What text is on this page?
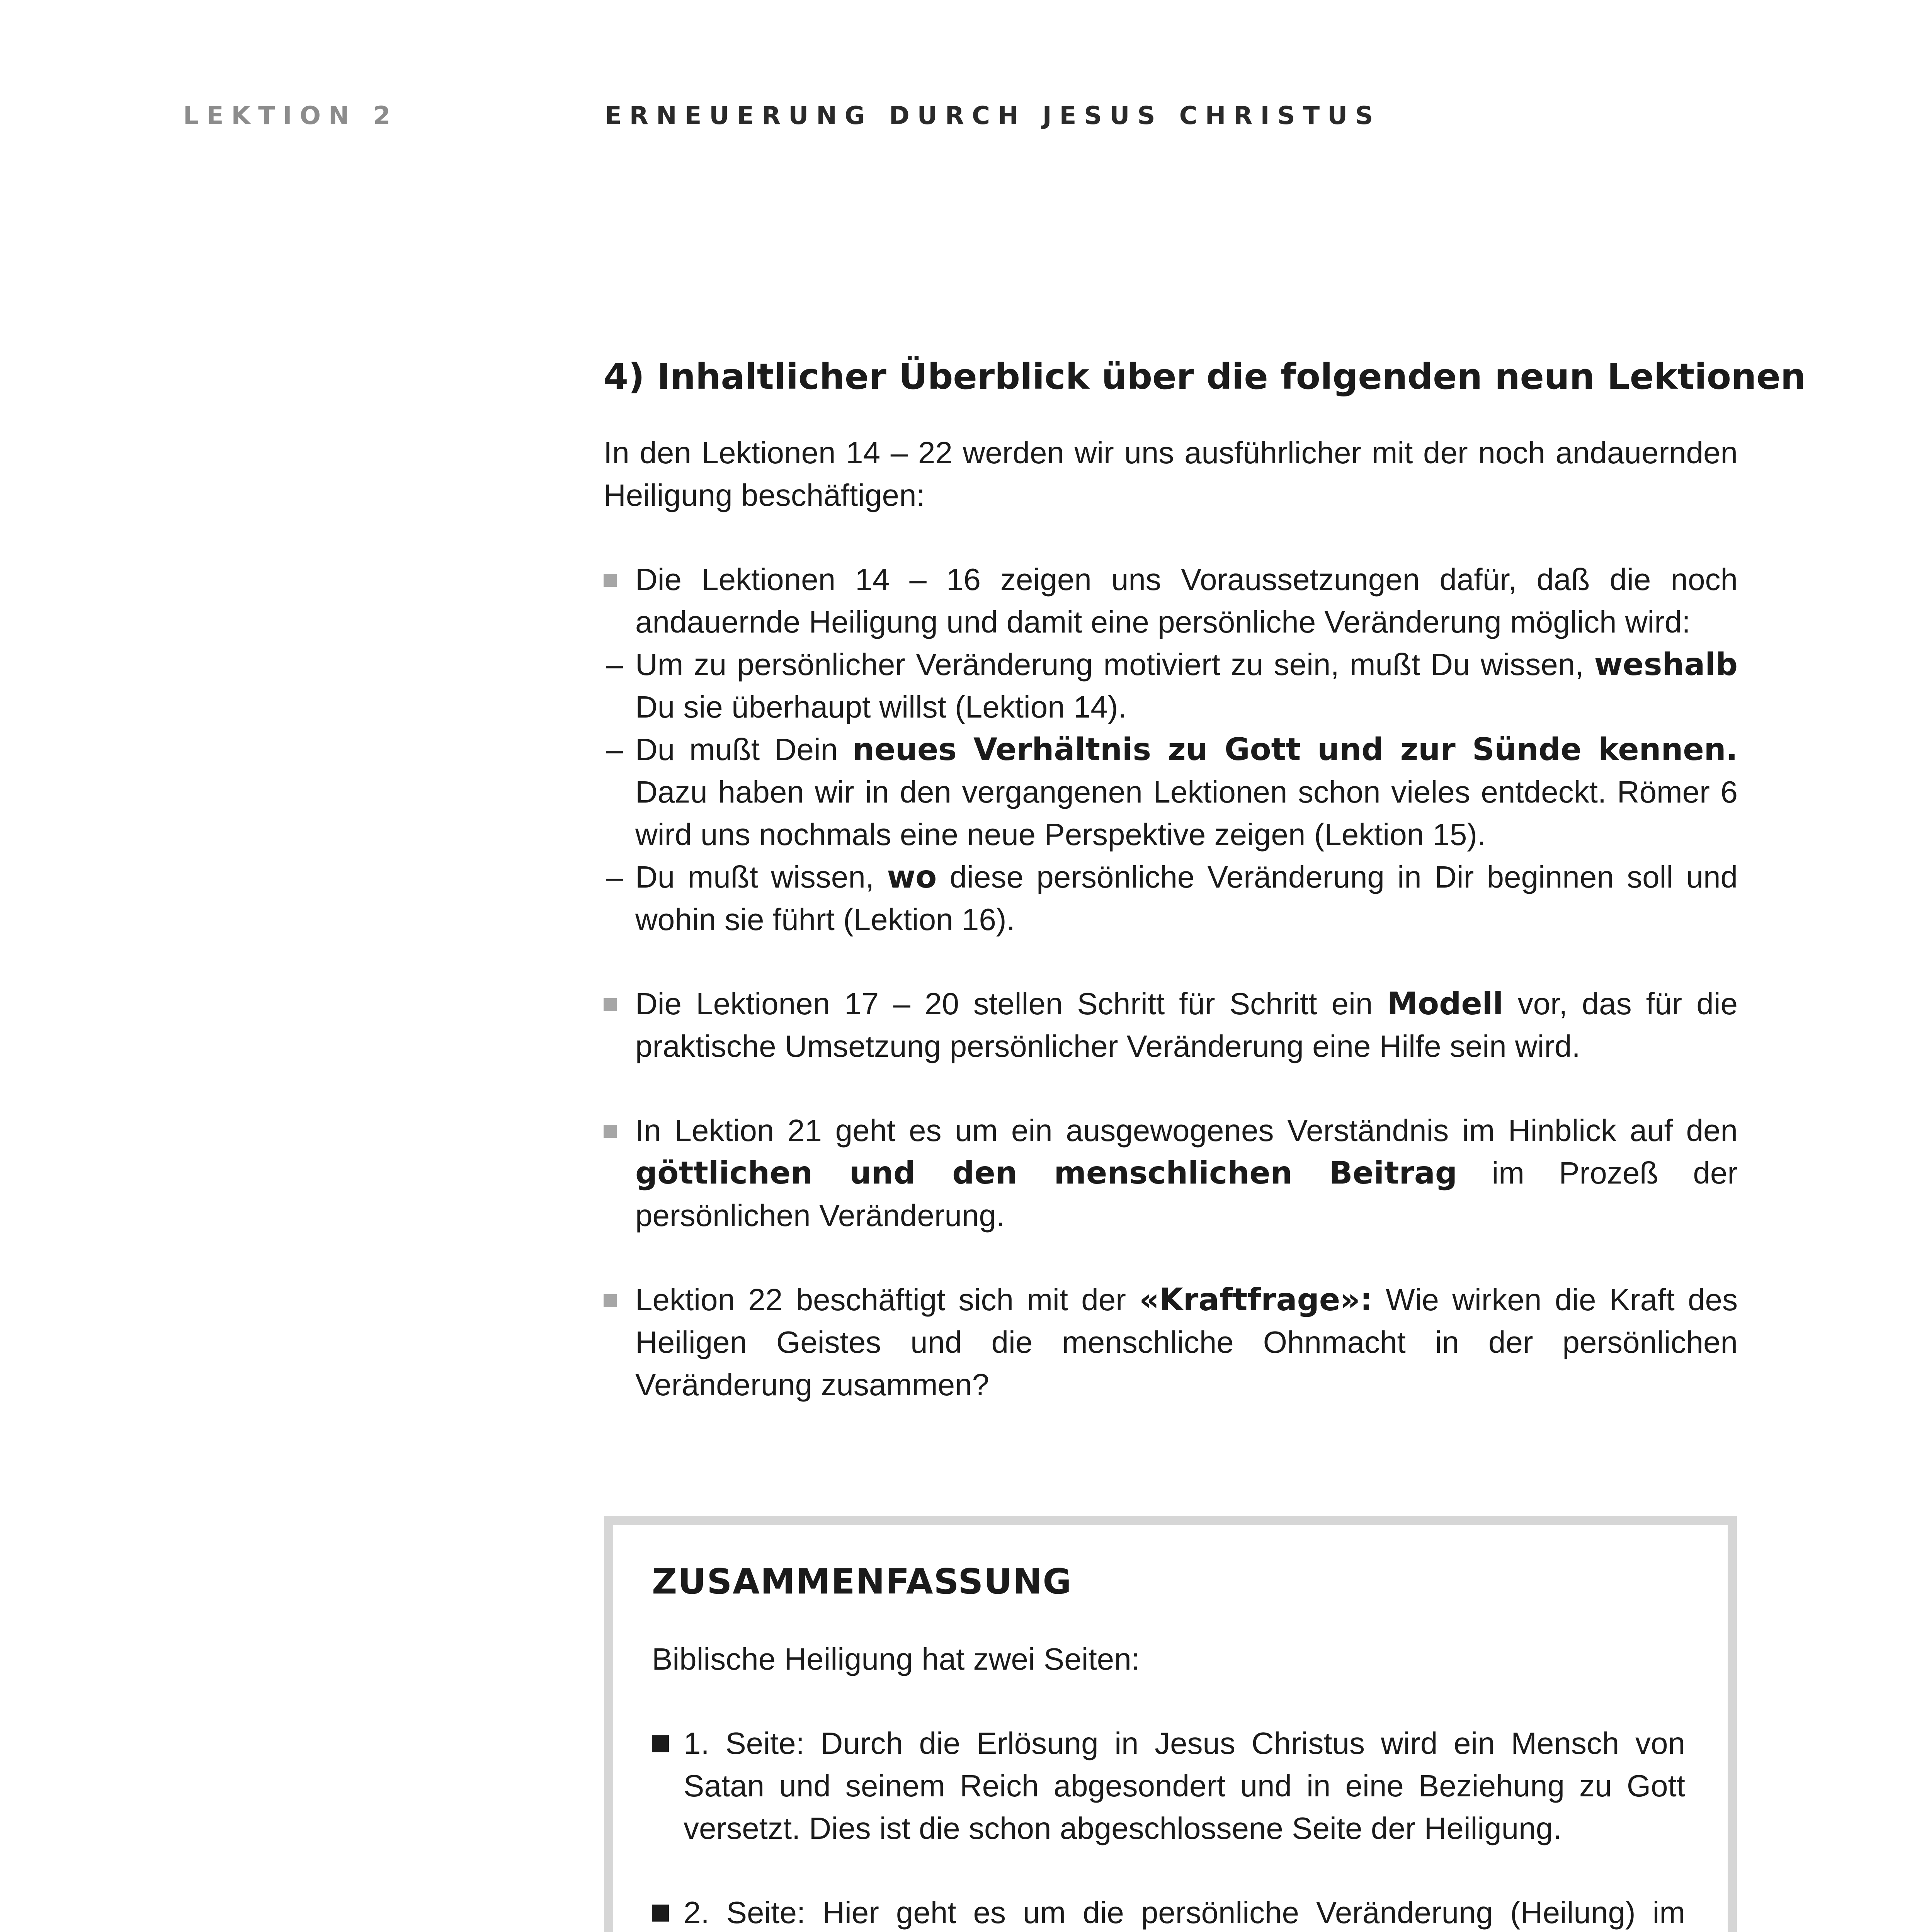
LEKTION 2	ERNEUERUNG DURCH JESUS CHRISTUS
4) Inhaltlicher Überblick über die folgenden neun Lektionen

In den Lektionen 14 – 22 werden wir uns ausführlicher mit der noch andauernden Heiligung beschäftigen:

Die Lektionen 14 – 16 zeigen uns Voraussetzungen dafür, daß die noch andauernde Heiligung und damit eine persönliche Veränderung möglich wird:

– Um zu persönlicher Veränderung motiviert zu sein, mußt Du wissen, weshalb Du sie überhaupt willst (Lektion 14).

– Du mußt Dein neues Verhältnis zu Gott und zur Sünde kennen. Dazu haben wir in den vergangenen Lektionen schon vieles entdeckt. Römer 6 wird uns nochmals eine neue Perspektive zeigen (Lektion 15).

– Du mußt wissen, wo diese persönliche Veränderung in Dir beginnen soll und wohin sie führt (Lektion 16).

Die Lektionen 17 – 20 stellen Schritt für Schritt ein Modell vor, das für die praktische Umsetzung persönlicher Veränderung eine Hilfe sein wird.

In Lektion 21 geht es um ein ausgewogenes Verständnis im Hinblick auf den göttlichen und den menschlichen Beitrag im Prozeß der persönlichen Veränderung.

Lektion 22 beschäftigt sich mit der «Kraftfrage»: Wie wirken die Kraft des Heiligen Geistes und die menschliche Ohnmacht in der persönlichen Veränderung zusammen?

ZUSAMMENFASSUNG

Biblische Heiligung hat zwei Seiten:

1. Seite: Durch die Erlösung in Jesus Christus wird ein Mensch von Satan und seinem Reich abgesondert und in eine Beziehung zu Gott versetzt. Dies ist die schon abgeschlossene Seite der Heiligung.

2. Seite: Hier geht es um die persönliche Veränderung (Heilung) im
